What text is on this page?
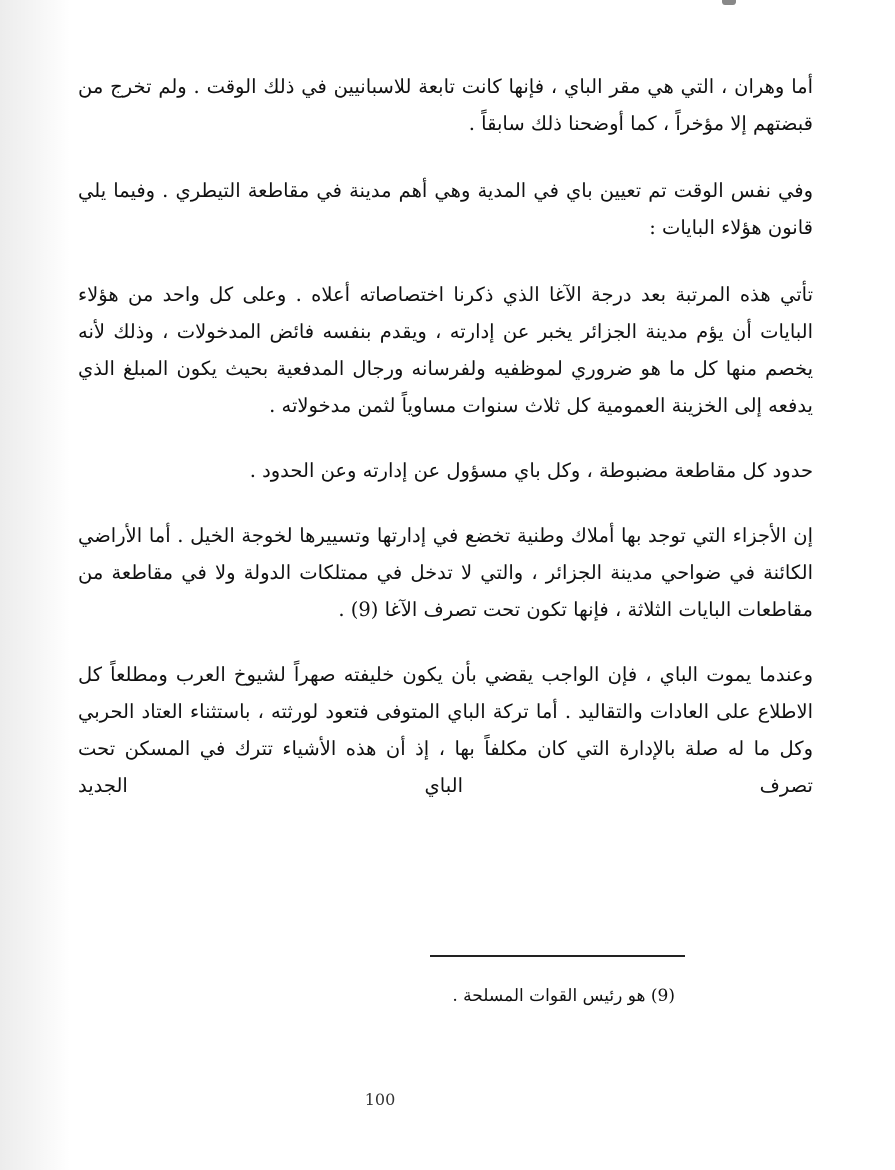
أما وهران ، التي هي مقر الباي ، فإنها كانت تابعة للاسبانيين في ذلك الوقت . ولم تخرج من قبضتهم إلا مؤخراً ، كما أوضحنا ذلك سابقاً .

وفي نفس الوقت تم تعيين باي في المدية وهي أهم مدينة في مقاطعة التيطري . وفيما يلي قانون هؤلاء البايات :

تأتي هذه المرتبة بعد درجة الآغا الذي ذكرنا اختصاصاته أعلاه . وعلى كل واحد من هؤلاء البايات أن يؤم مدينة الجزائر يخبر عن إدارته ، ويقدم بنفسه فائض المدخولات ، وذلك لأنه يخصم منها كل ما هو ضروري لموظفيه ولفرسانه ورجال المدفعية بحيث يكون المبلغ الذي يدفعه إلى الخزينة العمومية كل ثلاث سنوات مساوياً لثمن مدخولاته .

حدود كل مقاطعة مضبوطة ، وكل باي مسؤول عن إدارته وعن الحدود .

إن الأجزاء التي توجد بها أملاك وطنية تخضع في إدارتها وتسييرها لخوجة الخيل . أما الأراضي الكائنة في ضواحي مدينة الجزائر ، والتي لا تدخل في ممتلكات الدولة ولا في مقاطعة من مقاطعات البايات الثلاثة ، فإنها تكون تحت تصرف الآغا (9) .

وعندما يموت الباي ، فإن الواجب يقضي بأن يكون خليفته صهراً لشيوخ العرب ومطلعاً كل الاطلاع على العادات والتقاليد . أما تركة الباي المتوفى فتعود لورثته ، باستثناء العتاد الحربي وكل ما له صلة بالإدارة التي كان مكلفاً بها ، إذ أن هذه الأشياء تترك في المسكن تحت تصرف الباي الجديد

(9) هو رئيس القوات المسلحة .
100
